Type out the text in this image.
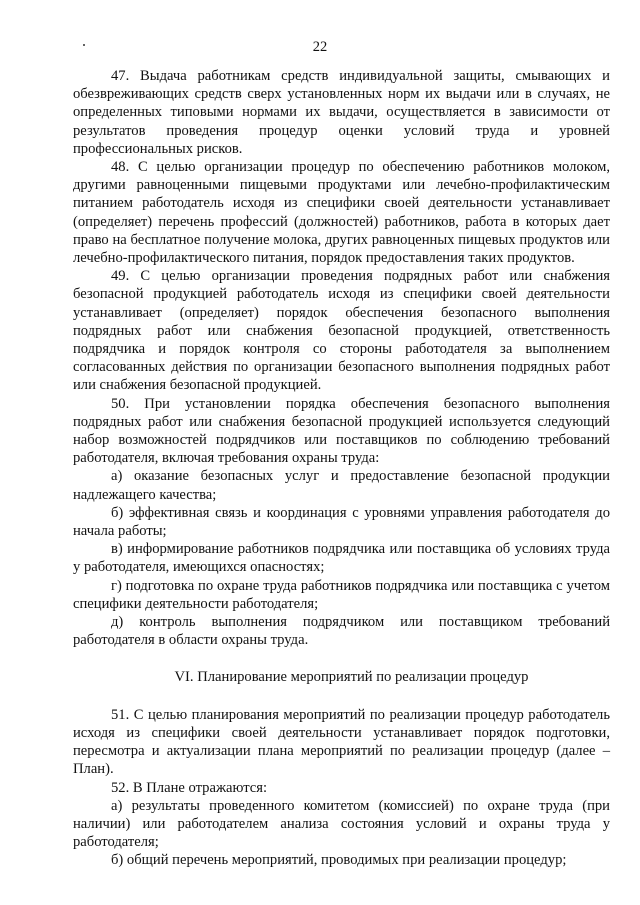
22

47. Выдача работникам средств индивидуальной защиты, смывающих и обезвреживающих средств сверх установленных норм их выдачи или в случаях, не определенных типовыми нормами их выдачи, осуществляется в зависимости от результатов проведения процедур оценки условий труда и уровней профессиональных рисков.

48. С целью организации процедур по обеспечению работников молоком, другими равноценными пищевыми продуктами или лечебно-профилактическим питанием работодатель исходя из специфики своей деятельности устанавливает (определяет) перечень профессий (должностей) работников, работа в которых дает право на бесплатное получение молока, других равноценных пищевых продуктов или лечебно-профилактического питания, порядок предоставления таких продуктов.

49. С целью организации проведения подрядных работ или снабжения безопасной продукцией работодатель исходя из специфики своей деятельности устанавливает (определяет) порядок обеспечения безопасного выполнения подрядных работ или снабжения безопасной продукцией, ответственность подрядчика и порядок контроля со стороны работодателя за выполнением согласованных действия по организации безопасного выполнения подрядных работ или снабжения безопасной продукцией.

50. При установлении порядка обеспечения безопасного выполнения подрядных работ или снабжения безопасной продукцией используется следующий набор возможностей подрядчиков или поставщиков по соблюдению требований работодателя, включая требования охраны труда:

а) оказание безопасных услуг и предоставление безопасной продукции надлежащего качества;

б) эффективная связь и координация с уровнями управления работодателя до начала работы;

в) информирование работников подрядчика или поставщика об условиях труда у работодателя, имеющихся опасностях;

г) подготовка по охране труда работников подрядчика или поставщика с учетом специфики деятельности работодателя;

д) контроль выполнения подрядчиком или поставщиком требований работодателя в области охраны труда.

VI. Планирование мероприятий по реализации процедур

51. С целью планирования мероприятий по реализации процедур работодатель исходя из специфики своей деятельности устанавливает порядок подготовки, пересмотра и актуализации плана мероприятий по реализации процедур (далее – План).

52. В Плане отражаются:

а) результаты проведенного комитетом (комиссией) по охране труда (при наличии) или работодателем анализа состояния условий и охраны труда у работодателя;

б) общий перечень мероприятий, проводимых при реализации процедур;
